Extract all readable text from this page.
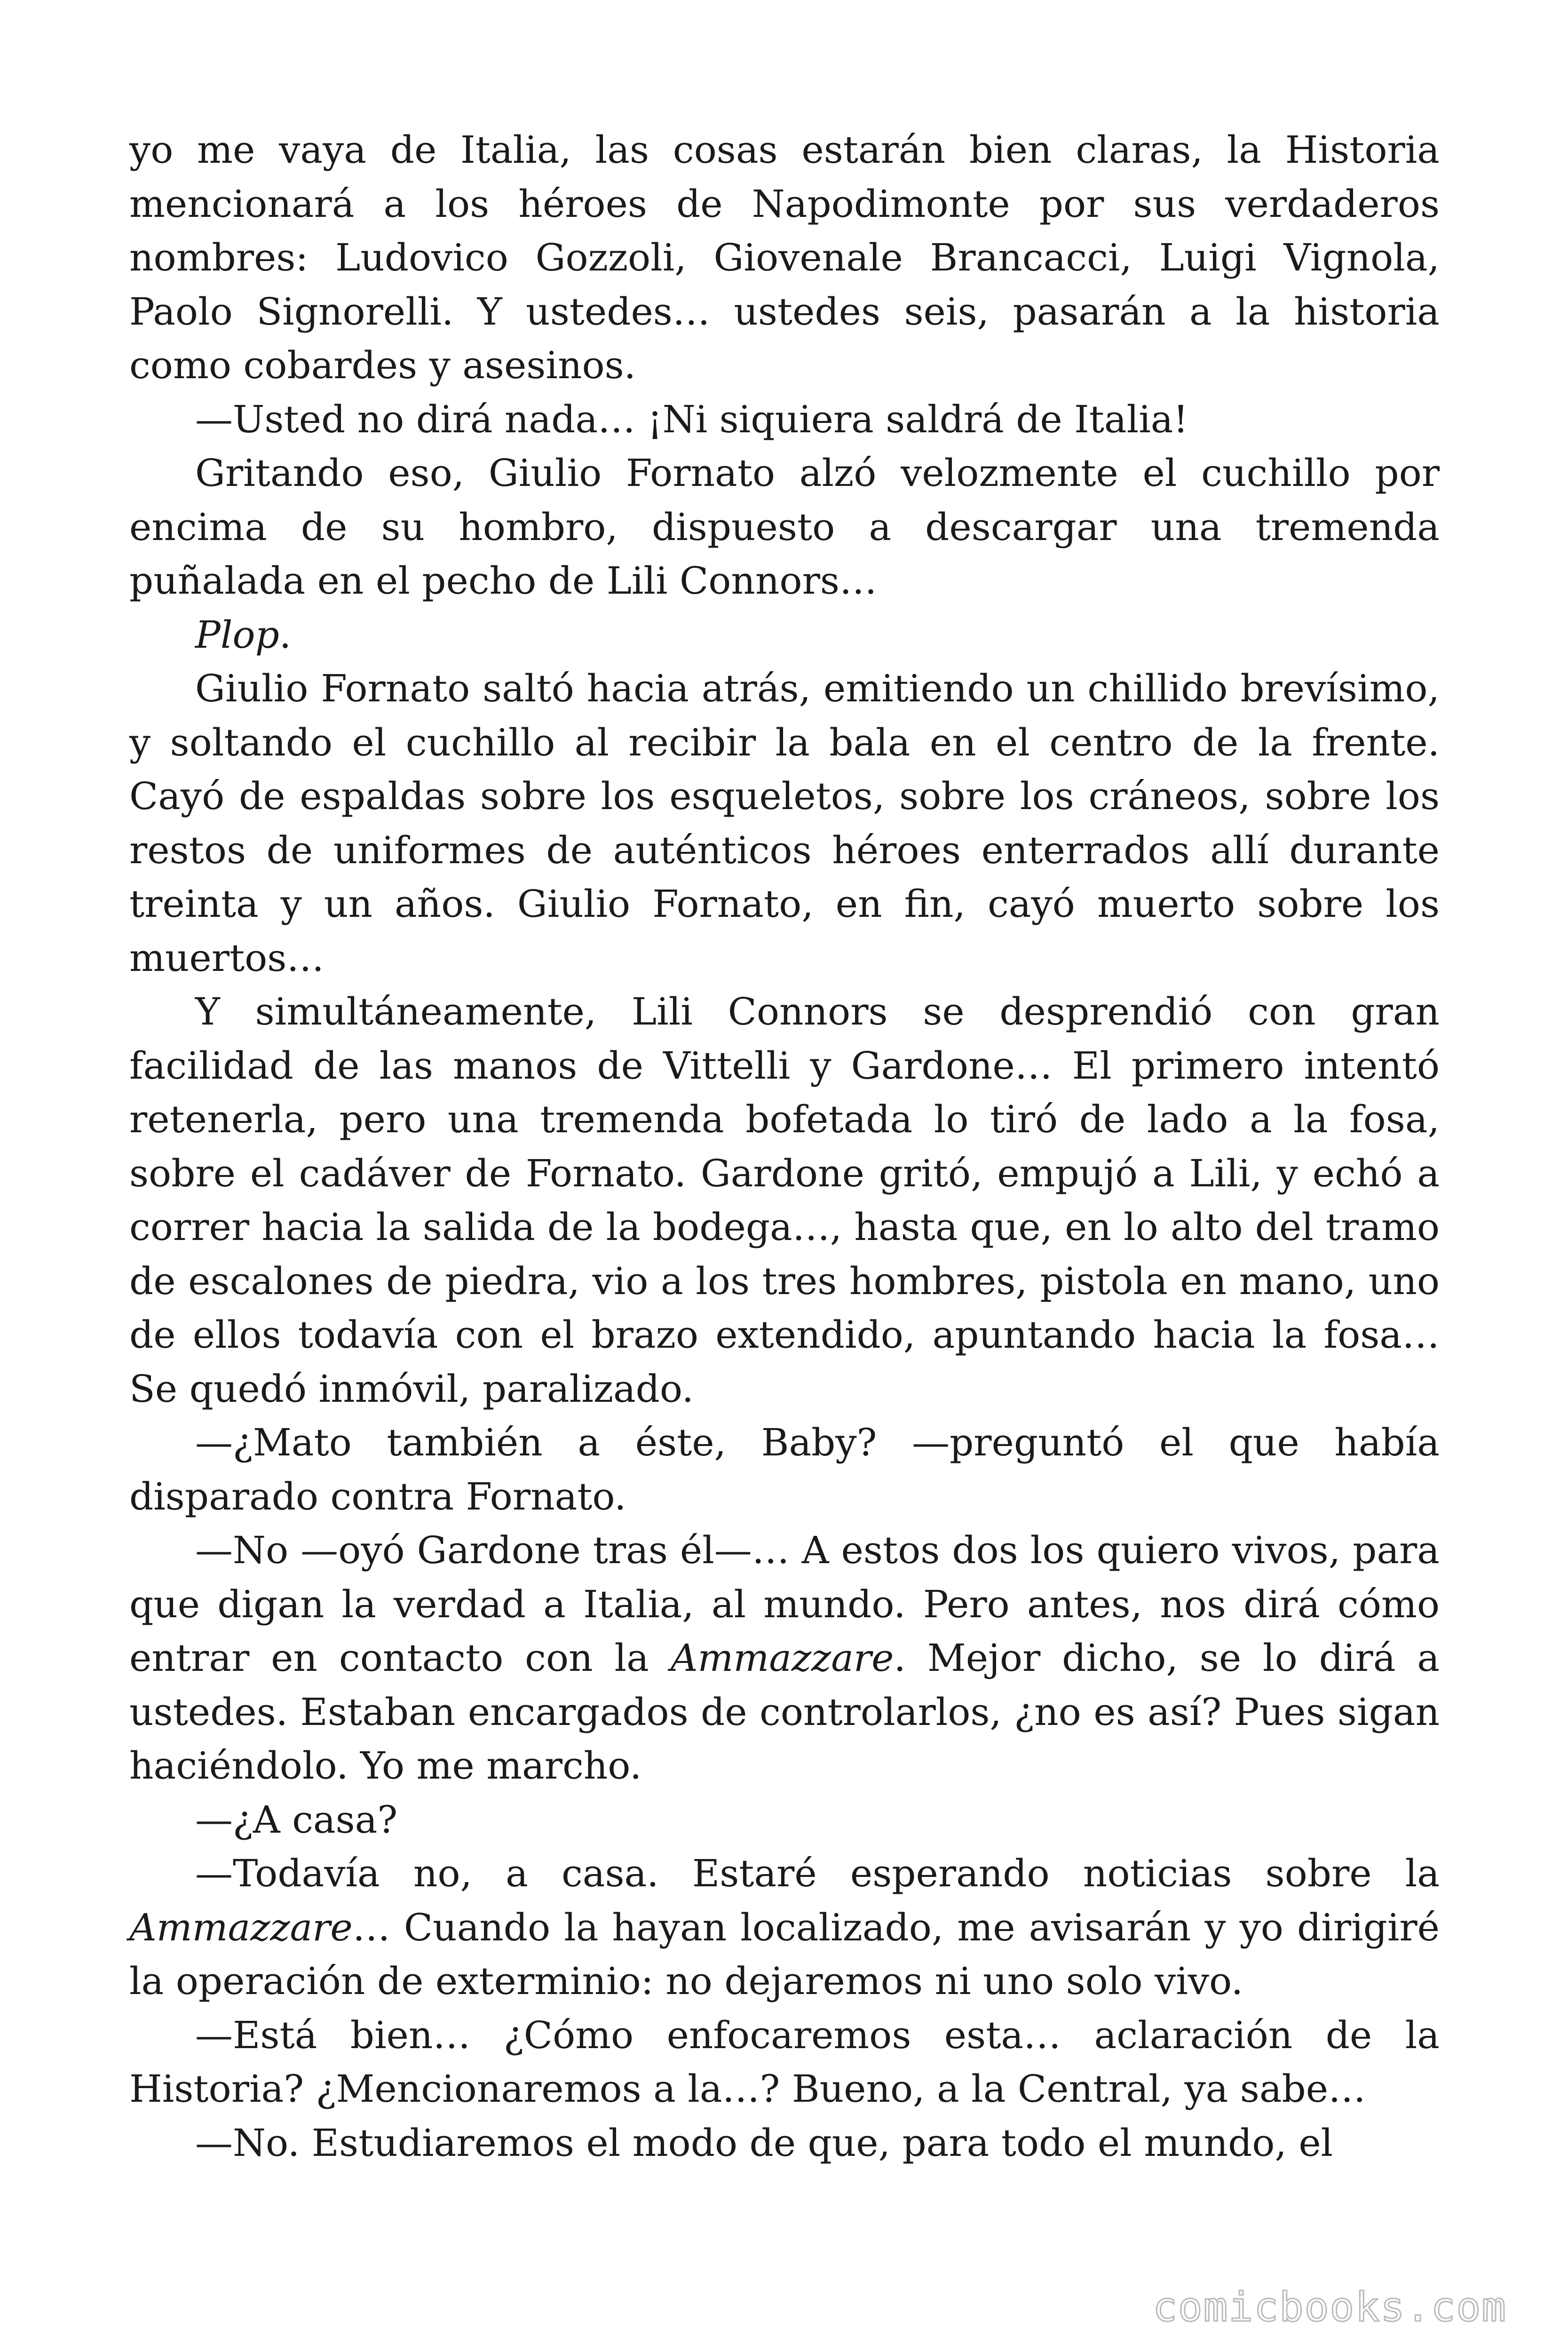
yo me vaya de Italia, las cosas estarán bien claras, la Historia mencionará a los héroes de Napodimonte por sus verdaderos nombres: Ludovico Gozzoli, Giovenale Brancacci, Luigi Vignola, Paolo Signorelli. Y ustedes… ustedes seis, pasarán a la historia como cobardes y asesinos.

—Usted no dirá nada… ¡Ni siquiera saldrá de Italia!

Gritando eso, Giulio Fornato alzó velozmente el cuchillo por encima de su hombro, dispuesto a descargar una tremenda puñalada en el pecho de Lili Connors…

Plop.

Giulio Fornato saltó hacia atrás, emitiendo un chillido brevísimo, y soltando el cuchillo al recibir la bala en el centro de la frente. Cayó de espaldas sobre los esqueletos, sobre los cráneos, sobre los restos de uniformes de auténticos héroes enterrados allí durante treinta y un años. Giulio Fornato, en fin, cayó muerto sobre los muertos…

Y simultáneamente, Lili Connors se desprendió con gran facilidad de las manos de Vittelli y Gardone… El primero intentó retenerla, pero una tremenda bofetada lo tiró de lado a la fosa, sobre el cadáver de Fornato. Gardone gritó, empujó a Lili, y echó a correr hacia la salida de la bodega…, hasta que, en lo alto del tramo de escalones de piedra, vio a los tres hombres, pistola en mano, uno de ellos todavía con el brazo extendido, apuntando hacia la fosa… Se quedó inmóvil, paralizado.

—¿Mato también a éste, Baby? —preguntó el que había disparado contra Fornato.

—No —oyó Gardone tras él—… A estos dos los quiero vivos, para que digan la verdad a Italia, al mundo. Pero antes, nos dirá cómo entrar en contacto con la Ammazzare. Mejor dicho, se lo dirá a ustedes. Estaban encargados de controlarlos, ¿no es así? Pues sigan haciéndolo. Yo me marcho.

—¿A casa?

—Todavía no, a casa. Estaré esperando noticias sobre la Ammazzare… Cuando la hayan localizado, me avisarán y yo dirigiré la operación de exterminio: no dejaremos ni uno solo vivo.

—Está bien… ¿Cómo enfocaremos esta… aclaración de la Historia? ¿Mencionaremos a la…? Bueno, a la Central, ya sabe…

—No. Estudiaremos el modo de que, para todo el mundo, el

comicbooks.com
